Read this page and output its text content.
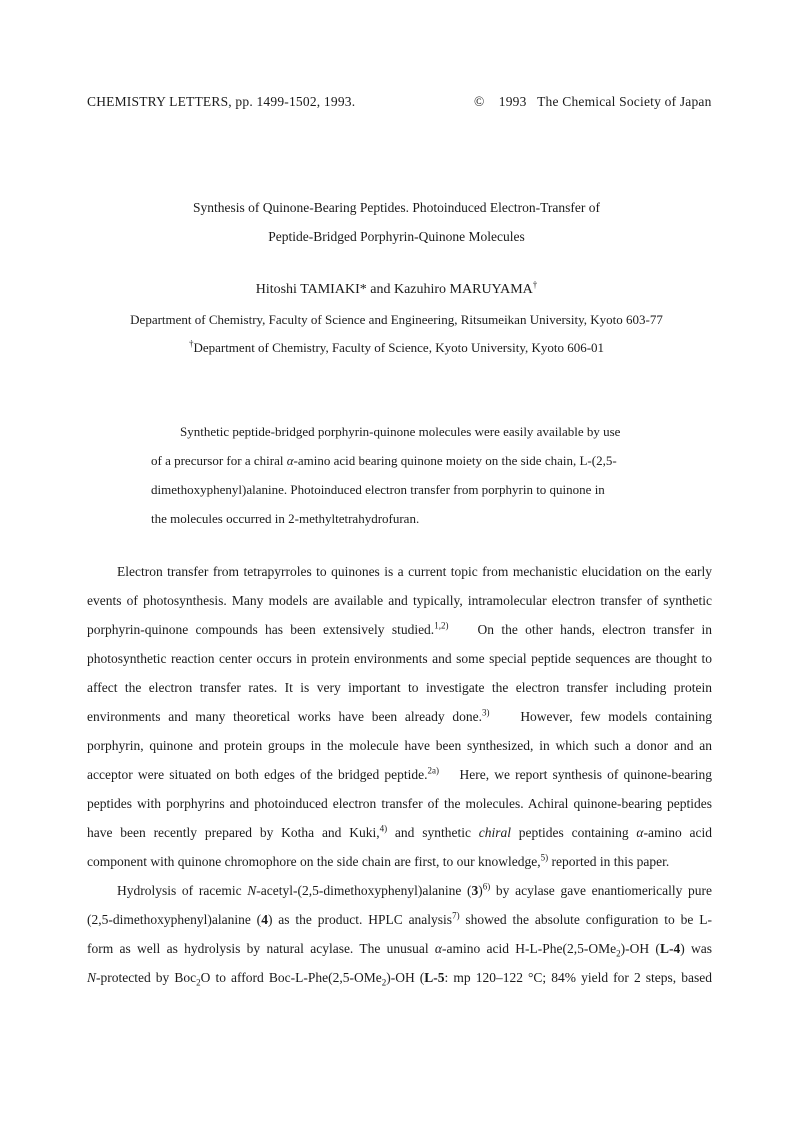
CHEMISTRY LETTERS, pp. 1499-1502, 1993.	© 1993 The Chemical Society of Japan
Synthesis of Quinone-Bearing Peptides. Photoinduced Electron-Transfer of
Peptide-Bridged Porphyrin-Quinone Molecules
Hitoshi TAMIAKI* and Kazuhiro MARUYAMA†
Department of Chemistry, Faculty of Science and Engineering, Ritsumeikan University, Kyoto 603-77
†Department of Chemistry, Faculty of Science, Kyoto University, Kyoto 606-01
Synthetic peptide-bridged porphyrin-quinone molecules were easily available by use
of a precursor for a chiral α-amino acid bearing quinone moiety on the side chain, L-(2,5-
dimethoxyphenyl)alanine. Photoinduced electron transfer from porphyrin to quinone in
the molecules occurred in 2-methyltetrahydrofuran.
Electron transfer from tetrapyrroles to quinones is a current topic from mechanistic elucidation on the early
events of photosynthesis. Many models are available and typically, intramolecular electron transfer of synthetic
porphyrin-quinone compounds has been extensively studied.$^{1,2)}$ On the other hands, electron transfer in
photosynthetic reaction center occurs in protein environments and some special peptide sequences are thought to
affect the electron transfer rates. It is very important to investigate the electron transfer including protein
environments and many theoretical works have been already done.$^{3)}$ However, few models containing
porphyrin, quinone and protein groups in the molecule have been synthesized, in which such a donor and an
acceptor were situated on both edges of the bridged peptide.$^{2a)}$ Here, we report synthesis of quinone-bearing
peptides with porphyrins and photoinduced electron transfer of the molecules. Achiral quinone-bearing peptides
have been recently prepared by Kotha and Kuki,$^{4)}$ and synthetic chiral peptides containing α-amino acid
component with quinone chromophore on the side chain are first, to our knowledge,$^{5)}$ reported in this paper.
Hydrolysis of racemic N-acetyl-(2,5-dimethoxyphenyl)alanine $(3)^{6)}$ by acylase gave enantiomerically pure
(2,5-dimethoxyphenyl)alanine (4) as the product. HPLC analysis$^{7)}$ showed the absolute configuration to be L-
form as well as hydrolysis by natural acylase. The unusual α-amino acid H-L-Phe(2,5-OMe$_2$)-OH (L-4) was
N-protected by Boc$_2$O to afford Boc-L-Phe(2,5-OMe$_2$)-OH (L-5: mp 120–122 °C; 84% yield for 2 steps, based
